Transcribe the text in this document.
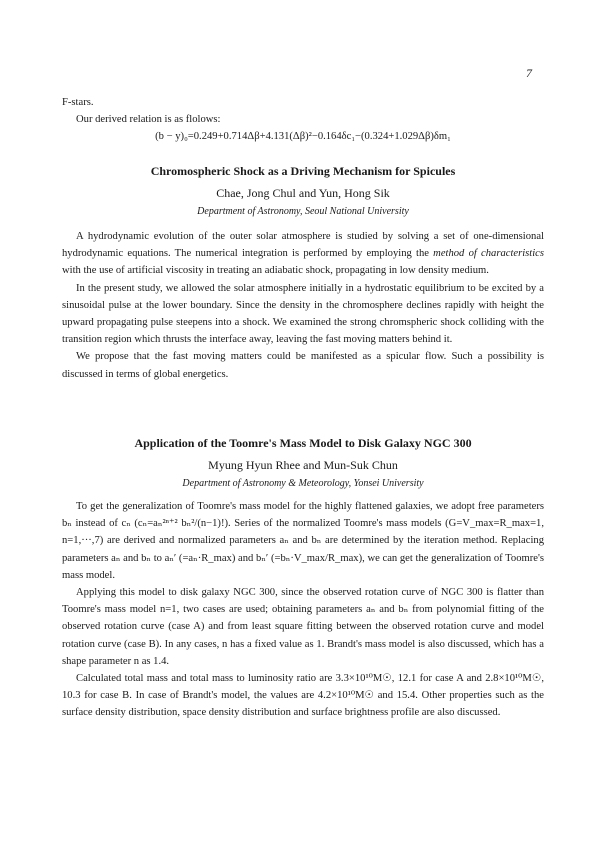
7

F-stars.

Our derived relation is as flolows:

(b − y)₀=0.249+0.714Δβ+4.131(Δβ)²−0.164δc₁−(0.324+1.029Δβ)δm₁

Chromospheric Shock as a Driving Mechanism for Spicules
Chae, Jong Chul and Yun, Hong Sik
Department of Astronomy, Seoul National University

A hydrodynamic evolution of the outer solar atmosphere is studied by solving a set of one-dimensional hydrodynamic equations. The numerical integration is performed by employing the method of characteristics with the use of artificial viscosity in treating an adiabatic shock, propagating in low density medium.

In the present study, we allowed the solar atmosphere initially in a hydrostatic equilibrium to be excited by a sinusoidal pulse at the lower boundary. Since the density in the chromosphere declines rapidly with height the upward propagating pulse steepens into a shock. We examined the strong chromspheric shock colliding with the transition region which thrusts the interface away, leaving the fast moving matters behind it.

We propose that the fast moving matters could be manifested as a spicular flow. Such a possibility is discussed in terms of global energetics.

Application of the Toomre's Mass Model to Disk Galaxy NGC 300
Myung Hyun Rhee and Mun-Suk Chun
Department of Astronomy & Meteorology, Yonsei University

To get the generalization of Toomre's mass model for the highly flattened galaxies, we adopt free parameters bₙ instead of cₙ (cₙ=aₙ²ⁿ⁺² bₙ²/(n−1)!). Series of the normalized Toomre's mass models (G=V_max=R_max=1, n=1,···,7) are derived and normalized parameters aₙ and bₙ are determined by the iteration method. Replacing parameters aₙ and bₙ to aₙ′ (=aₙ·R_max) and bₙ′ (=bₙ·V_max/R_max), we can get the generalization of Toomre's mass model.

Applying this model to disk galaxy NGC 300, since the observed rotation curve of NGC 300 is flatter than Toomre's mass model n=1, two cases are used; obtaining parameters aₙ and bₙ from polynomial fitting of the observed rotation curve (case A) and from least square fitting between the observed rotation curve and model rotation curve (case B). In any cases, n has a fixed value as 1. Brandt's mass model is also discussed, which has a shape parameter n as 1.4.

Calculated total mass and total mass to luminosity ratio are 3.3×10¹⁰M☉, 12.1 for case A and 2.8×10¹⁰M☉, 10.3 for case B. In case of Brandt's model, the values are 4.2×10¹⁰M☉ and 15.4. Other properties such as the surface density distribution, space density distribution and surface brightness profile are also discussed.
